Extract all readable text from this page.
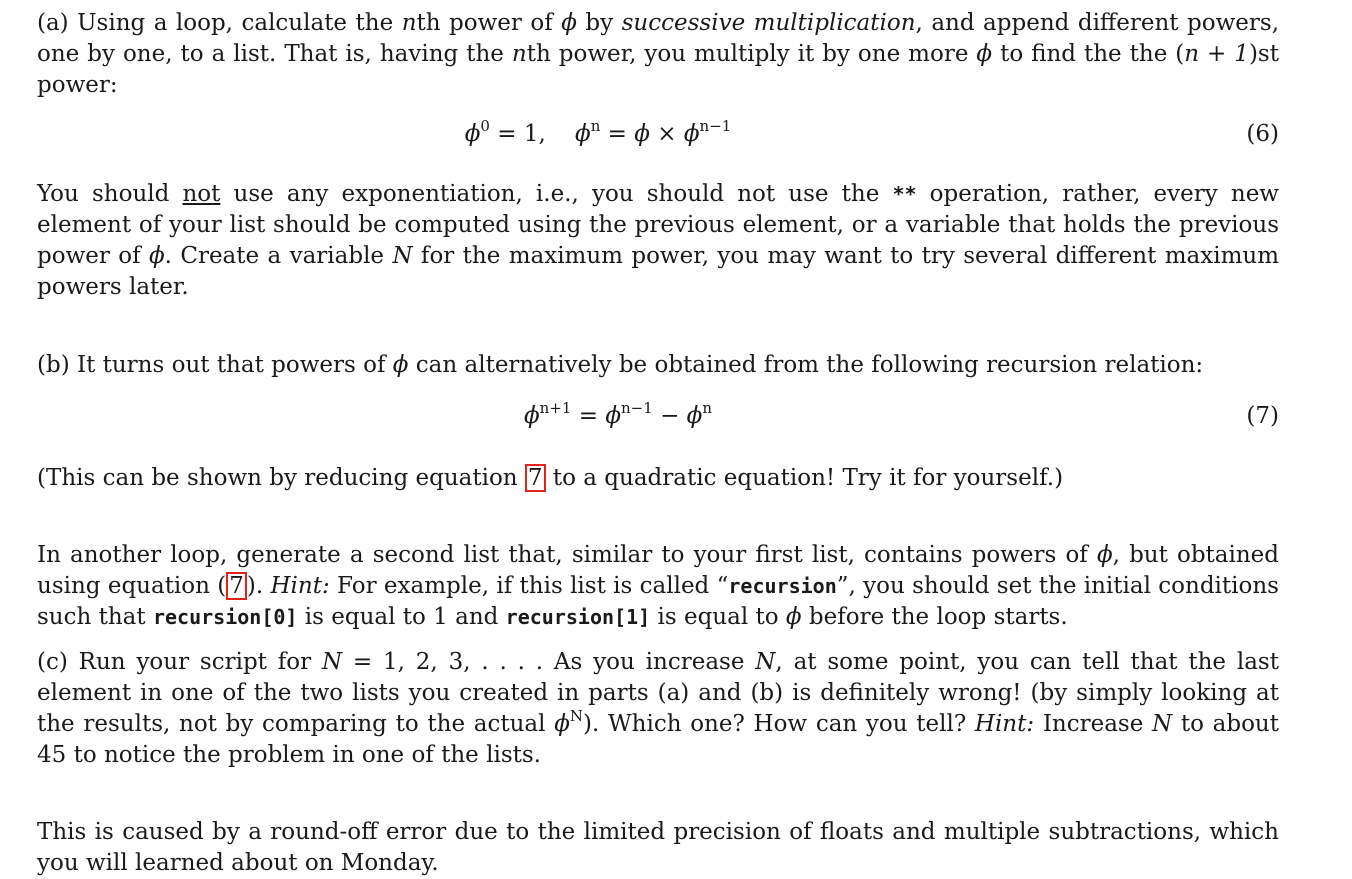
(a) Using a loop, calculate the nth power of ϕ by successive multiplication, and append different powers, one by one, to a list. That is, having the nth power, you multiply it by one more ϕ to find the the (n + 1)st power:

$\phi^0 = 1$, $\phi^n = \phi \times \phi^{n-1}$	(6)

You should not use any exponentiation, i.e., you should not use the ** operation, rather, every new element of your list should be computed using the previous element, or a variable that holds the previous power of ϕ. Create a variable N for the maximum power, you may want to try several different maximum powers later.

(b) It turns out that powers of ϕ can alternatively be obtained from the following recursion relation:

$\phi^{n+1} = \phi^{n-1} - \phi^n$	(7)

(This can be shown by reducing equation 7 to a quadratic equation! Try it for yourself.)

In another loop, generate a second list that, similar to your first list, contains powers of ϕ, but obtained using equation ( 7 ). Hint: For example, if this list is called “recursion”, you should set the initial conditions such that recursion[0] is equal to 1 and recursion[1] is equal to ϕ before the loop starts.

(c) Run your script for N = 1, 2, 3, . . . . As you increase N, at some point, you can tell that the last element in one of the two lists you created in parts (a) and (b) is definitely wrong! (by simply looking at the results, not by comparing to the actual $\phi^N$). Which one? How can you tell? Hint: Increase N to about 45 to notice the problem in one of the lists.

This is caused by a round-off error due to the limited precision of floats and multiple subtractions, which you will learned about on Monday.
